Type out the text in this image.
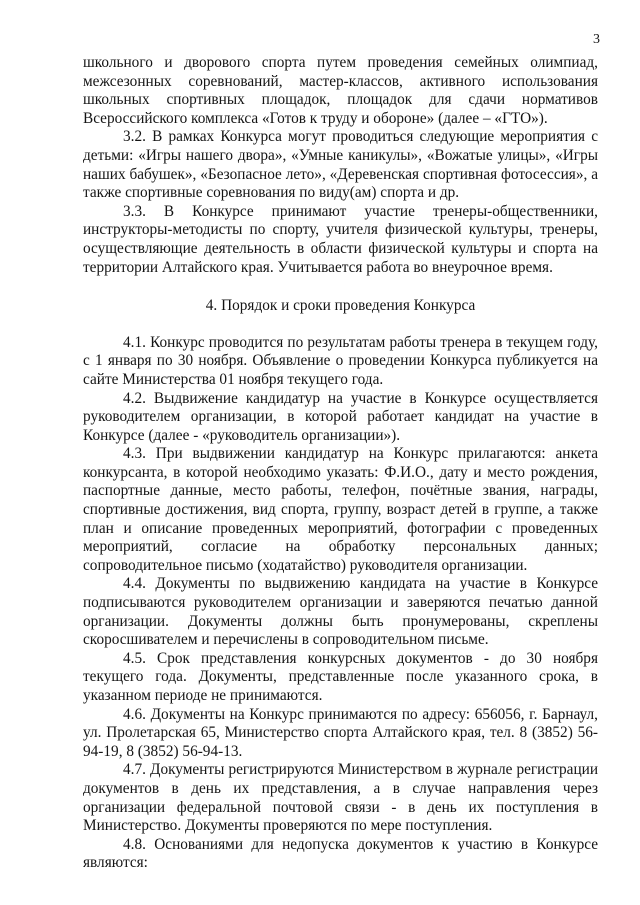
3

школьного и дворового спорта путем проведения семейных олимпиад, межсезонных соревнований, мастер-классов, активного использования школьных спортивных площадок, площадок для сдачи нормативов Всероссийского комплекса «Готов к труду и обороне» (далее – «ГТО»).

3.2. В рамках Конкурса могут проводиться следующие мероприятия с детьми: «Игры нашего двора», «Умные каникулы», «Вожатые улицы», «Игры наших бабушек», «Безопасное лето», «Деревенская спортивная фотосессия», а также спортивные соревнования по виду(ам) спорта и др.

3.3. В Конкурсе принимают участие тренеры-общественники, инструкторы-методисты по спорту, учителя физической культуры, тренеры, осуществляющие деятельность в области физической культуры и спорта на территории Алтайского края. Учитывается работа во внеурочное время.

4. Порядок и сроки проведения Конкурса

4.1. Конкурс проводится по результатам работы тренера в текущем году, с 1 января по 30 ноября. Объявление о проведении Конкурса публикуется на сайте Министерства 01 ноября текущего года.

4.2. Выдвижение кандидатур на участие в Конкурсе осуществляется руководителем организации, в которой работает кандидат на участие в Конкурсе (далее - «руководитель организации»).

4.3. При выдвижении кандидатур на Конкурс прилагаются: анкета конкурсанта, в которой необходимо указать: Ф.И.О., дату и место рождения, паспортные данные, место работы, телефон, почётные звания, награды, спортивные достижения, вид спорта, группу, возраст детей в группе, а также план и описание проведенных мероприятий, фотографии с проведенных мероприятий, согласие на обработку персональных данных; сопроводительное письмо (ходатайство) руководителя организации.

4.4. Документы по выдвижению кандидата на участие в Конкурсе подписываются руководителем организации и заверяются печатью данной организации. Документы должны быть пронумерованы, скреплены скоросшивателем и перечислены в сопроводительном письме.

4.5. Срок представления конкурсных документов - до 30 ноября текущего года. Документы, представленные после указанного срока, в указанном периоде не принимаются.

4.6. Документы на Конкурс принимаются по адресу: 656056, г. Барнаул, ул. Пролетарская 65, Министерство спорта Алтайского края, тел. 8 (3852) 56-94-19, 8 (3852) 56-94-13.

4.7. Документы регистрируются Министерством в журнале регистрации документов в день их представления, а в случае направления через организации федеральной почтовой связи - в день их поступления в Министерство. Документы проверяются по мере поступления.

4.8. Основаниями для недопуска документов к участию в Конкурсе являются:
